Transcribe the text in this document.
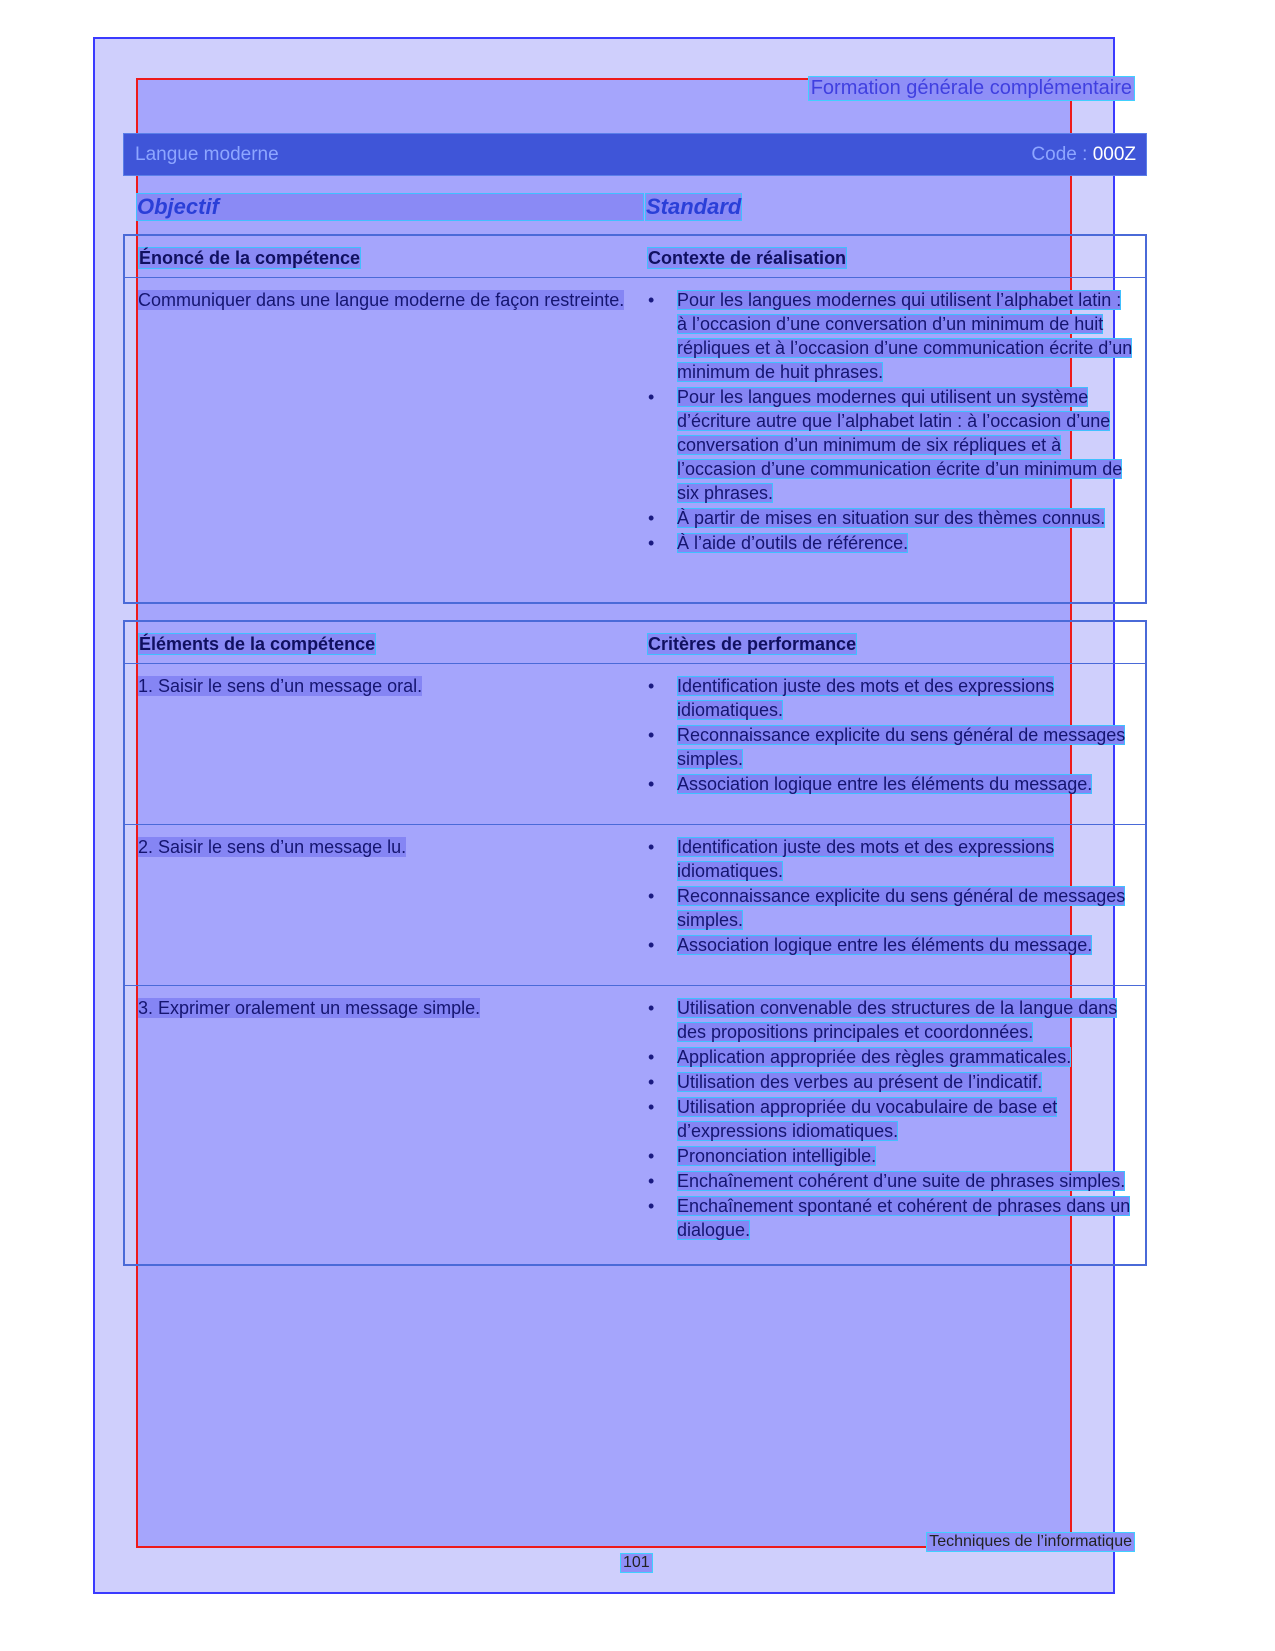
Formation générale complémentaire
Langue moderne	Code : 000Z
Objectif	Standard
Énoncé de la compétence	Contexte de réalisation
Communiquer dans une langue moderne de façon restreinte.	• Pour les langues modernes qui utilisent l’alphabet latin : à l’occasion d’une conversation d’un minimum de huit répliques et à l’occasion d’une communication écrite d’un minimum de huit phrases.
• Pour les langues modernes qui utilisent un système d’écriture autre que l’alphabet latin : à l’occasion d’une conversation d’un minimum de six répliques et à l’occasion d’une communication écrite d’un minimum de six phrases.
• À partir de mises en situation sur des thèmes connus.
• À l’aide d’outils de référence.
Éléments de la compétence	Critères de performance
1. Saisir le sens d’un message oral.	• Identification juste des mots et des expressions idiomatiques.
• Reconnaissance explicite du sens général de messages simples.
• Association logique entre les éléments du message.
2. Saisir le sens d’un message lu.	• Identification juste des mots et des expressions idiomatiques.
• Reconnaissance explicite du sens général de messages simples.
• Association logique entre les éléments du message.
3. Exprimer oralement un message simple.	• Utilisation convenable des structures de la langue dans des propositions principales et coordonnées.
• Application appropriée des règles grammaticales.
• Utilisation des verbes au présent de l’indicatif.
• Utilisation appropriée du vocabulaire de base et d’expressions idiomatiques.
• Prononciation intelligible.
• Enchaînement cohérent d’une suite de phrases simples.
• Enchaînement spontané et cohérent de phrases dans un dialogue.
Techniques de l’informatique
101
